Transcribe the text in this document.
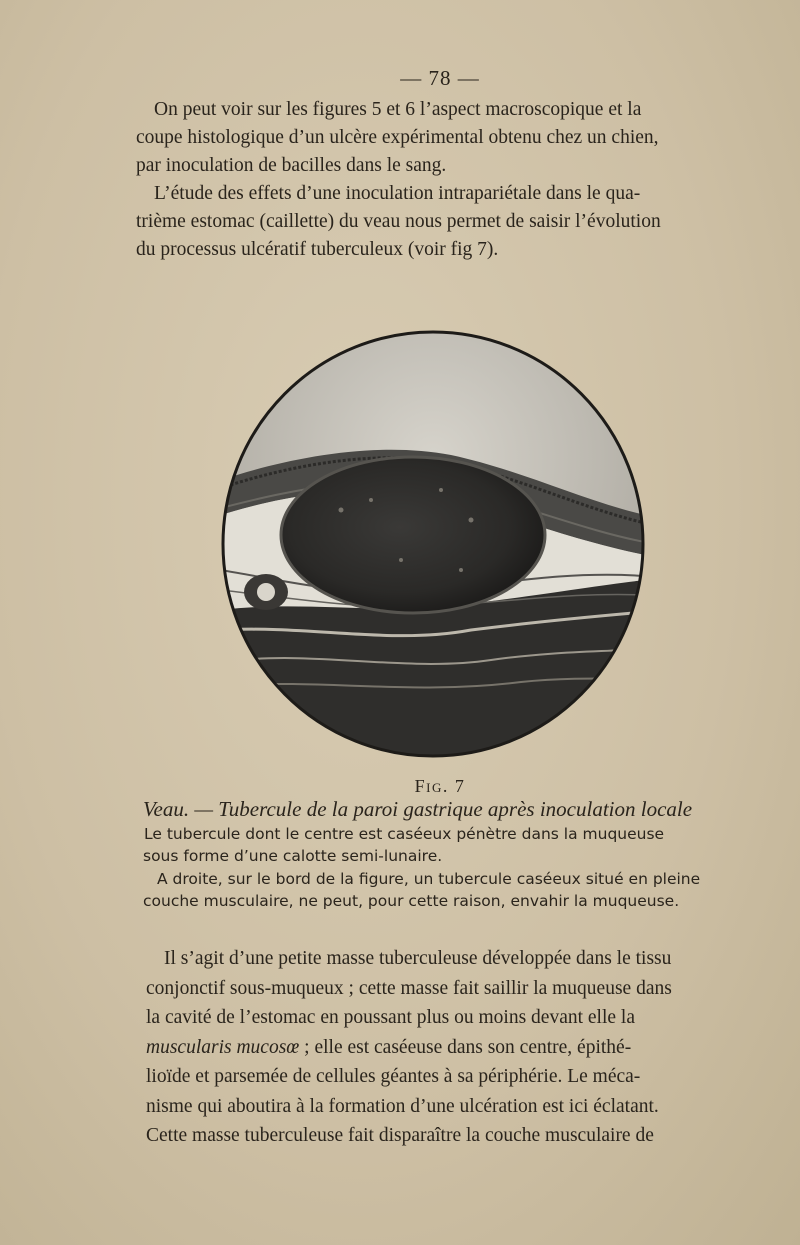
— 78 —

On peut voir sur les figures 5 et 6 l’aspect macroscopique et la
coupe histologique d’un ulcère expérimental obtenu chez un chien,
par inoculation de bacilles dans le sang.
L’étude des effets d’une inoculation intrapariétale dans le qua-
trième estomac (caillette) du veau nous permet de saisir l’évolution
du processus ulcératif tuberculeux (voir fig 7).

Fig. 7
Veau. — Tubercule de la paroi gastrique après inoculation locale

Le tubercule dont le centre est caséeux pénètre dans la muqueuse
sous forme d’une calotte semi-lunaire.

A droite, sur le bord de la figure, un tubercule caséeux situé en pleine
couche musculaire, ne peut, pour cette raison, envahir la muqueuse.

Il s’agit d’une petite masse tuberculeuse développée dans le tissu
conjonctif sous-muqueux ; cette masse fait saillir la muqueuse dans
la cavité de l’estomac en poussant plus ou moins devant elle la
muscularis mucosœ ; elle est caséeuse dans son centre, épithé-
lioïde et parsemée de cellules géantes à sa périphérie. Le méca-
nisme qui aboutira à la formation d’une ulcération est ici éclatant.
Cette masse tuberculeuse fait disparaître la couche musculaire de
